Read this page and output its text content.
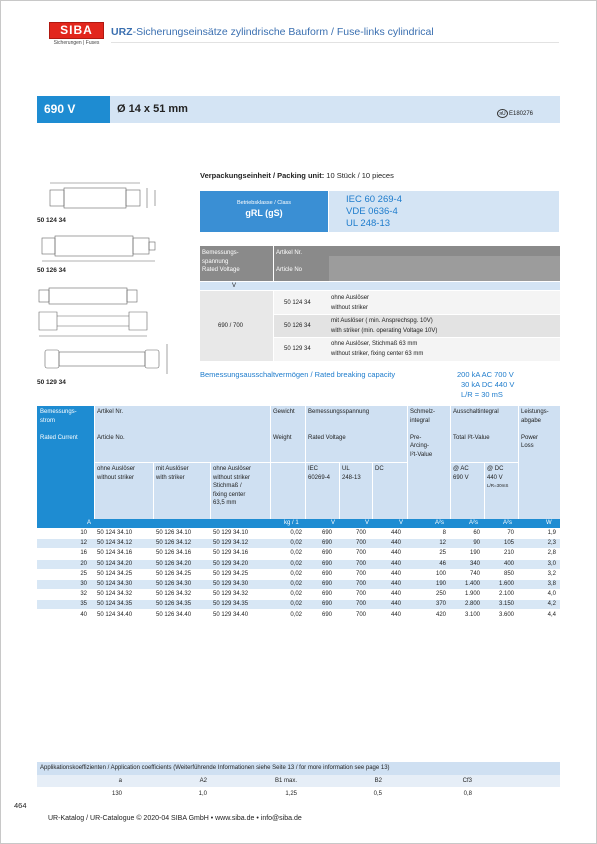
SIBA
Sicherungen | Fuses
URZ-Sicherungseinsätze zylindrische Bauform / Fuse-links cylindrical
690 V	Ø 14 x 51 mm	ᴙU E180276
50 124 34
50 126 34
50 129 34
Verpackungseinheit / Packing unit: 10 Stück / 10 pieces
Betriebsklasse / Class
gRL (gS)
IEC 60 269-4
VDE 0636-4
UL 248-13
Bemessungs-
spannung
Rated Voltage
Artikel Nr.
Article No
V
690 / 700
50 124 34
ohne Auslöser
without striker
50 126 34
mit Auslöser ( min. Ansprechspg. 10V)
with striker (min. operating Voltage 10V)
50 129 34
ohne Auslöser, Stichmaß 63 mm
without striker, fixing center 63 mm
Bemessungsausschaltvermögen / Rated breaking capacity	200 kA AC 700 V
30 kA DC 440 V
L/R = 30 mS
Bemessungs-
strom
Rated Current
Artikel Nr.
Article No.
ohne Auslöser
without striker
mit Auslöser
with striker
ohne Auslöser
without striker
Stichmaß /
fixing center
63,5 mm
Gewicht
Weight
Bemessungsspannung
Rated Voltage
IEC
60269-4
UL
248-13
DC
Schmelz-
integral
Pre-
Arcing-
I²t-Value
Ausschaltintegral
Total I²t-Value
@ AC
690 V
@ DC
440 V
L/R=30mS
Leistungs-
abgabe
Power
Loss
A	kg / 1	V	V	V	A²s	A²s	A²s	W
10 50 124 34.10	50 126 34.10	50 129 34.10	0,02	690	700	440	8	60	70	1,9
12 50 124 34.12	50 126 34.12	50 129 34.12	0,02	690	700	440	12	90	105	2,3
16 50 124 34.16	50 126 34.16	50 129 34.16	0,02	690	700	440	25	190	210	2,8
20 50 124 34.20	50 126 34.20	50 129 34.20	0,02	690	700	440	46	340	400	3,0
25 50 124 34.25	50 126 34.25	50 129 34.25	0,02	690	700	440	100	740	850	3,2
30 50 124 34.30	50 126 34.30	50 129 34.30	0,02	690	700	440	190	1.400	1.600	3,8
32 50 124 34.32	50 126 34.32	50 129 34.32	0,02	690	700	440	250	1.900	2.100	4,0
35 50 124 34.35	50 126 34.35	50 129 34.35	0,02	690	700	440	370	2.800	3.150	4,2
40 50 124 34.40	50 126 34.40	50 129 34.40	0,02	690	700	440	420	3.100	3.600	4,4
Applikationskoeffizienten / Application coefficients (Weiterführende Informationen siehe Seite 13 / for more information see page 13)
a	A2	B1 max.	B2	Cf3
130	1,0	1,25	0,5	0,8
464
UR-Katalog / UR-Catalogue © 2020-04 SIBA GmbH • www.siba.de • info@siba.de
